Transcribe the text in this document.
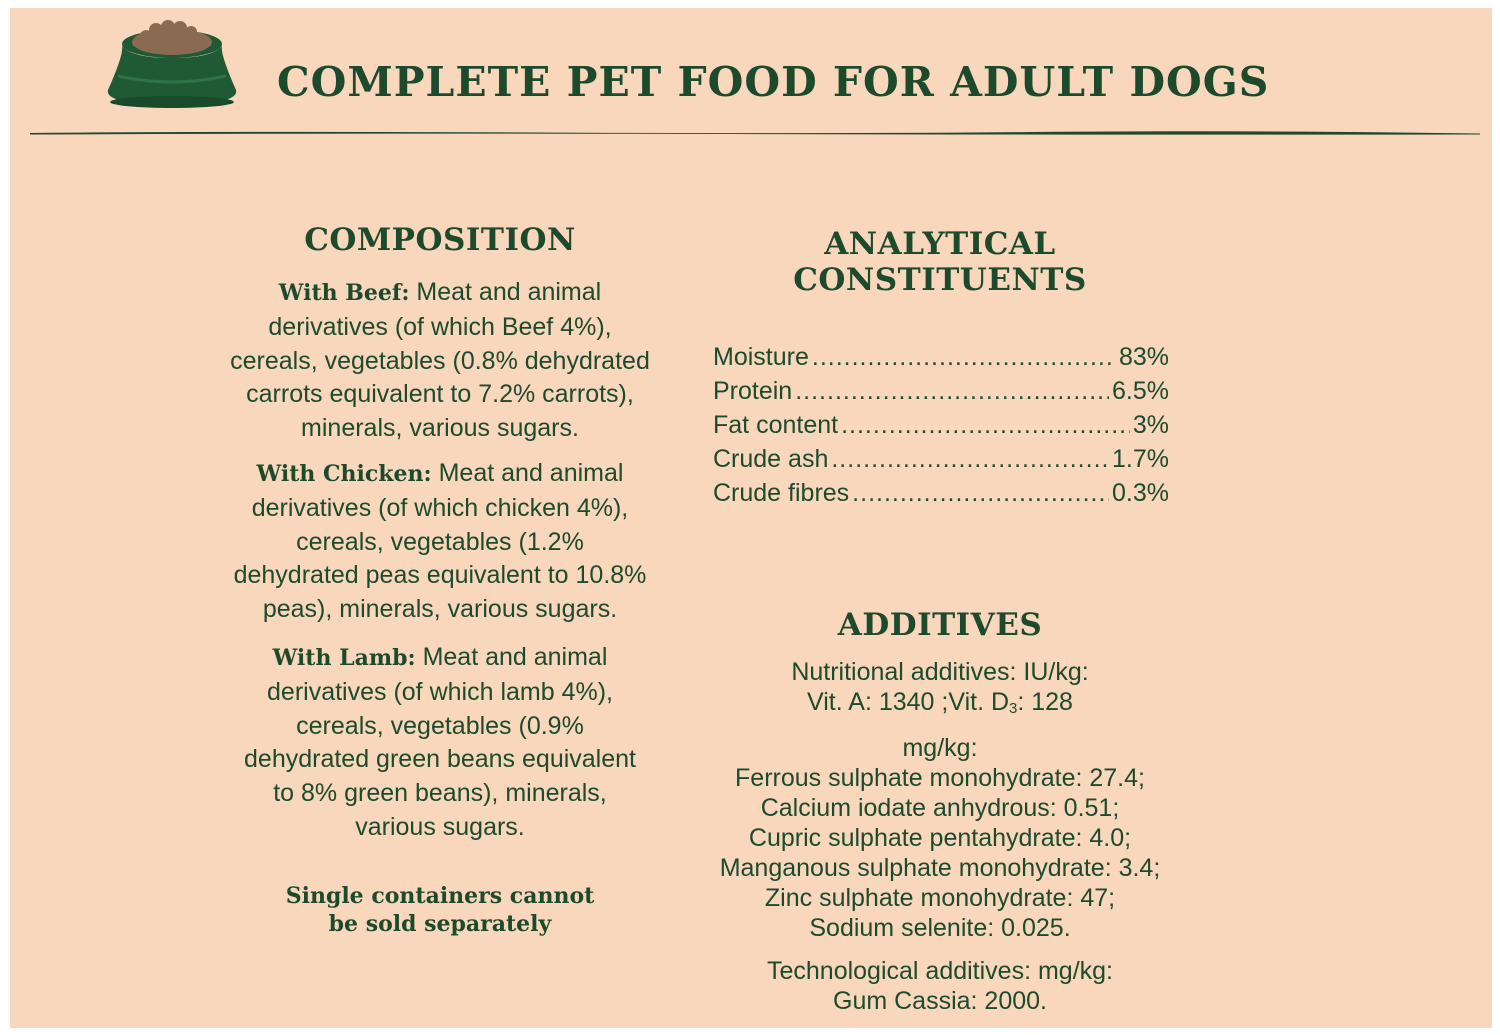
COMPLETE PET FOOD FOR ADULT DOGS
COMPOSITION

With Beef: Meat and animal
derivatives (of which Beef 4%),
cereals, vegetables (0.8% dehydrated
carrots equivalent to 7.2% carrots),
minerals, various sugars.

With Chicken: Meat and animal
derivatives (of which chicken 4%),
cereals, vegetables (1.2%
dehydrated peas equivalent to 10.8%
peas), minerals, various sugars.

With Lamb: Meat and animal
derivatives (of which lamb 4%),
cereals, vegetables (0.9%
dehydrated green beans equivalent
to 8% green beans), minerals,
various sugars.

Single containers cannot
be sold separately

ANALYTICAL
CONSTITUENTS
Moisture .....	83%
Protein .....	6.5%
Fat content .....	3%
Crude ash .....	1.7%
Crude fibres .....	0.3%
ADDITIVES

Nutritional additives: IU/kg:
Vit. A: 1340 ;Vit. $D_3$: 128

mg/kg:
Ferrous sulphate monohydrate: 27.4;
Calcium iodate anhydrous: 0.51;
Cupric sulphate pentahydrate: 4.0;
Manganous sulphate monohydrate: 3.4;
Zinc sulphate monohydrate: 47;
Sodium selenite: 0.025.

Technological additives: mg/kg:
Gum Cassia: 2000.
